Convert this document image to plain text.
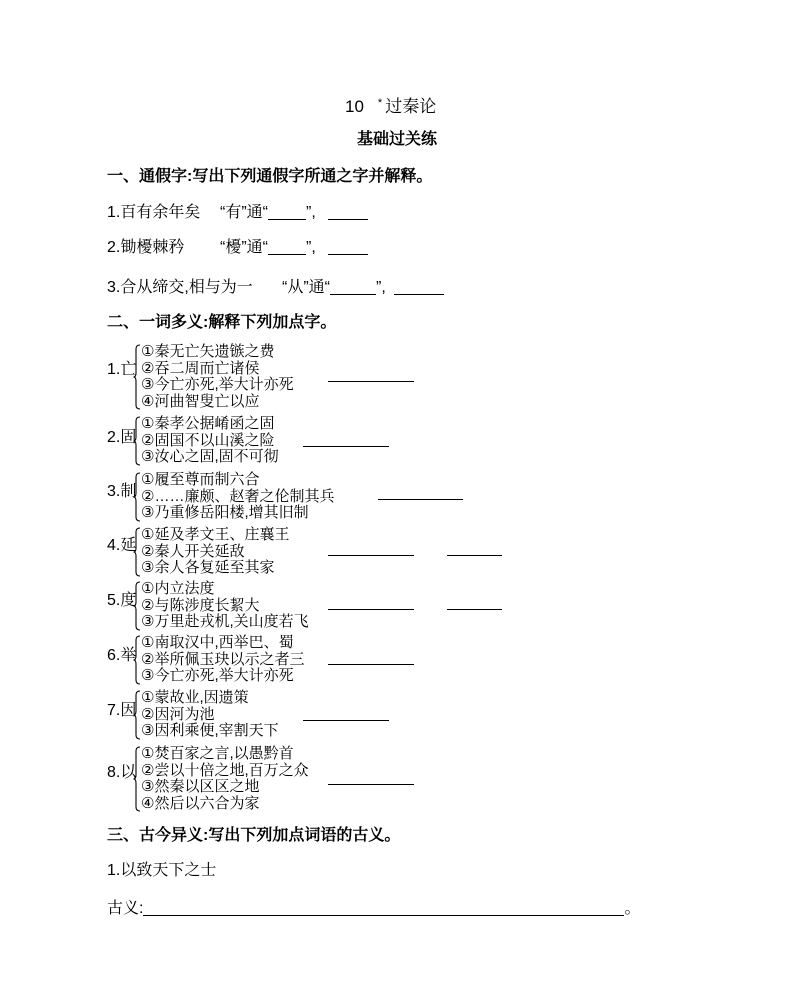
10 * 过秦论
基础过关练
一、通假字:写出下列通假字所通之字并解释。
1.百有余年矣 “有”通“ ”,
2.锄櫌棘矜 “櫌”通“ ”,
3.合从缔交,相与为一 “从”通“	”,
二、一词多义:解释下列加点字。
1.亡
①秦无亡矢遗镞之费
②吞二周而亡诸侯
③今亡亦死,举大计亦死
④河曲智叟亡以应
2.固
①秦孝公据崤函之固
②固国不以山溪之险
③汝心之固,固不可彻
3.制
①履至尊而制六合
②……廉颇、赵奢之伦制其兵
③乃重修岳阳楼,增其旧制
4.延
①延及孝文王、庄襄王
②秦人开关延敌
③余人各复延至其家
5.度
①内立法度
②与陈涉度长絜大
③万里赴戎机,关山度若飞
6.举
①南取汉中,西举巴、蜀
②举所佩玉玦以示之者三
③今亡亦死,举大计亦死
7.因
①蒙故业,因遗策
②因河为池
③因利乘便,宰割天下
8.以
①焚百家之言,以愚黔首
②尝以十倍之地,百万之众
③然秦以区区之地
④然后以六合为家
三、古今异义:写出下列加点词语的古义。
1.以致天下之士
古义:	。
